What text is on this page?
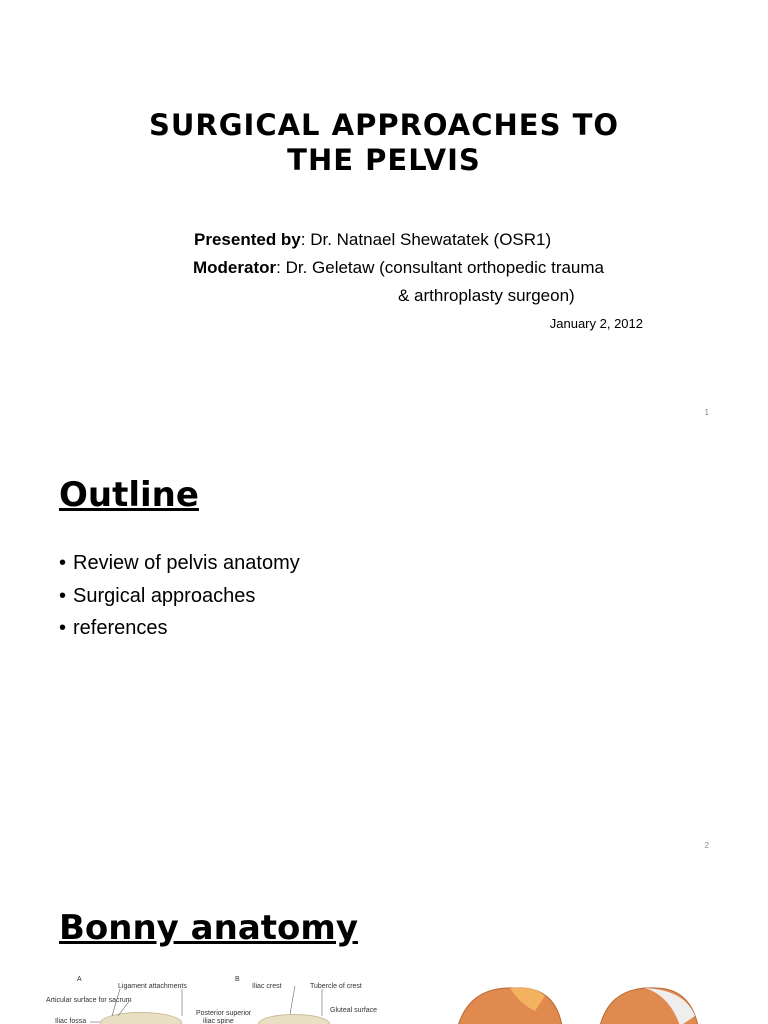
SURGICAL APPROACHES TO
THE PELVIS
Presented by: Dr. Natnael Shewatatek (OSR1)
Moderator: Dr. Geletaw (consultant orthopedic trauma
& arthroplasty surgeon)
January 2, 2012
1
Outline
• Review of pelvis anatomy
• Surgical approaches
• references
2
Bonny anatomy
A	B
Ligament attachments
Articular surface for sacrum
Iliac fossa
Iliac crest	Tubercle of crest
Posterior superior
iliac spine
Gluteal surface
